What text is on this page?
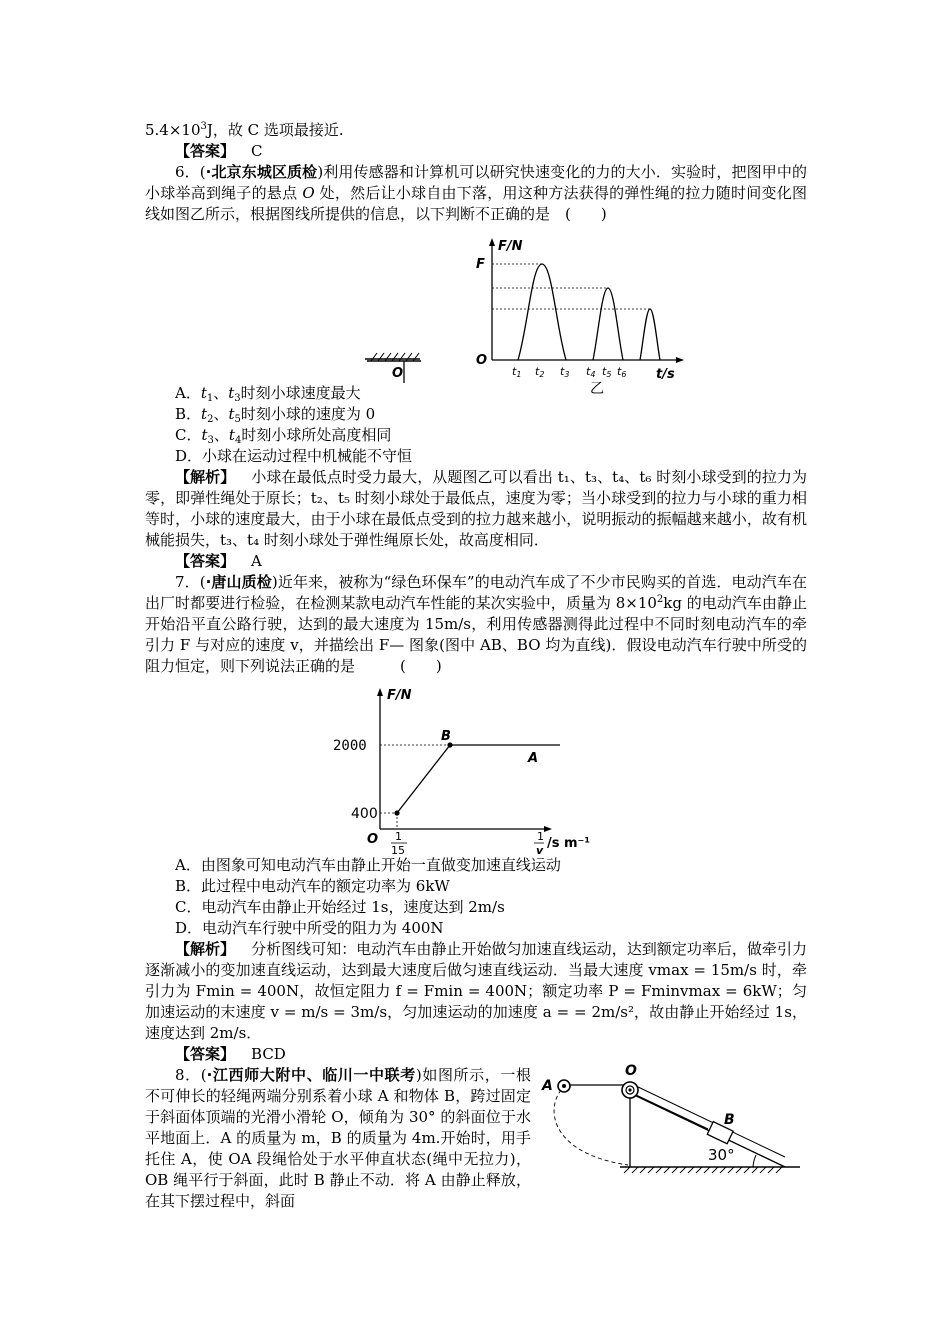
$5.4\times 10^3J$，故 C 选项最接近.

【答案】 C

6．(·北京东城区质检)利用传感器和计算机可以研究快速变化的力的大小．实验时，把图甲中的小球举高到绳子的悬点 O 处，然后让小球自由下落，用这种方法获得的弹性绳的拉力随时间变化图线如图乙所示，根据图线所提供的信息，以下判断不正确的是　(　　)

O
F/N
F
O
t/s
t1 t2 t3 t4 t5 t6
乙

A．$t_1$、$t_3$时刻小球速度最大

B．$t_2$、$t_5$时刻小球的速度为 0

C．$t_3$、$t_4$时刻小球所处高度相同

D．小球在运动过程中机械能不守恒

【解析】 小球在最低点时受力最大，从题图乙可以看出 t₁、t₃、t₄、t₆ 时刻小球受到的拉力为零，即弹性绳处于原长；t₂、t₅ 时刻小球处于最低点，速度为零；当小球受到的拉力与小球的重力相等时，小球的速度最大，由于小球在最低点受到的拉力越来越小，说明振动的振幅越来越小，故有机械能损失，t₃、t₄ 时刻小球处于弹性绳原长处，故高度相同．

【答案】 A

7．(·唐山质检)近年来，被称为“绿色环保车”的电动汽车成了不少市民购买的首选．电动汽车在出厂时都要进行检验，在检测某款电动汽车性能的某次实验中，质量为 $8\times 10^2kg$ 的电动汽车由静止开始沿平直公路行驶，达到的最大速度为 15m/s，利用传感器测得此过程中不同时刻电动汽车的牵引力 F 与对应的速度 v，并描绘出 F— 图象(图中 AB、BO 均为直线)．假设电动汽车行驶中所受的阻力恒定，则下列说法正确的是　　　(　　)

F/N
2000
400
O
B
A
1
15
1
v /s m⁻¹

A．由图象可知电动汽车由静止开始一直做变加速直线运动

B．此过程中电动汽车的额定功率为 6kW

C．电动汽车由静止开始经过 1s，速度达到 2m/s

D．电动汽车行驶中所受的阻力为 400N

【解析】 分析图线可知：电动汽车由静止开始做匀加速直线运动，达到额定功率后，做牵引力逐渐减小的变加速直线运动，达到最大速度后做匀速直线运动．当最大速度 vmax = 15m/s 时，牵引力为 Fmin = 400N，故恒定阻力 f = Fmin = 400N；额定功率 P = Fminvmax = 6kW；匀加速运动的末速度 v = m/s = 3m/s，匀加速运动的加速度 a = = 2m/s²，故由静止开始经过 1s，速度达到 2m/s．

【答案】 BCD

8．(·江西师大附中、临川一中联考)如图所示，一根不可伸长的轻绳两端分别系着小球 A 和物体 B，跨过固定于斜面体顶端的光滑小滑轮 O，倾角为 30° 的斜面位于水平地面上．A 的质量为 m，B 的质量为 4m.开始时，用手托住 A，使 OA 段绳恰处于水平伸直状态(绳中无拉力)，OB 绳平行于斜面，此时 B 静止不动．将 A 由静止释放，在其下摆过程中，斜面

A
O
B
30°
